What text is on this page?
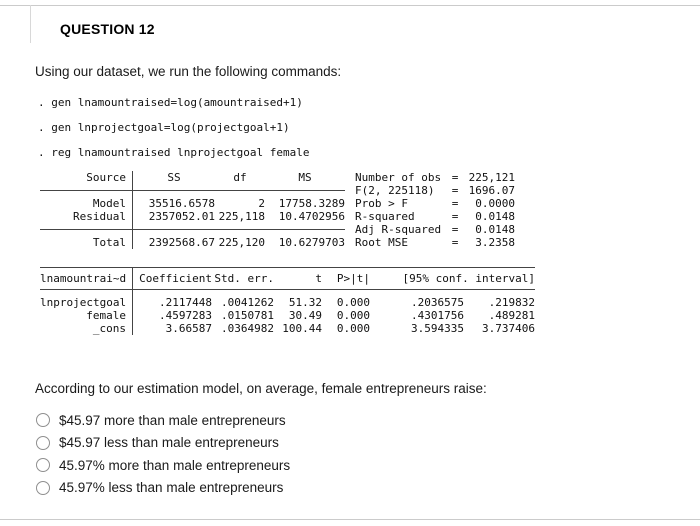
QUESTION 12
Using our dataset, we run the following commands:
. gen lnamountraised=log(amountraised+1)
. gen lnprojectgoal=log(projectgoal+1)
. reg lnamountraised lnprojectgoal female
Source	SS	df	MS	Number of obs = 225,121
F(2, 225118)	= 1696.07
Model	35516.6578	2	17758.3289 Prob > F	=	0.0000
Residual	2357052.01 225,118	10.4702956 R-squared	=	0.0148
Adj R-squared =	0.0148
Total	2392568.67 225,120	10.6279703 Root MSE	=	3.2358
lnamountrai~d	Coefficient Std. err.	t	P>|t|	[95% conf. interval]
lnprojectgoal	.2117448 .0041262	51.32	0.000	.2036575	.219832
female	.4597283 .0150781	30.49	0.000	.4301756	.489281
_cons	3.66587 .0364982 100.44	0.000	3.594335	3.737406
According to our estimation model, on average, female entrepreneurs raise:
$45.97 more than male entrepreneurs
$45.97 less than male entrepreneurs
45.97% more than male entrepreneurs
45.97% less than male entrepreneurs
